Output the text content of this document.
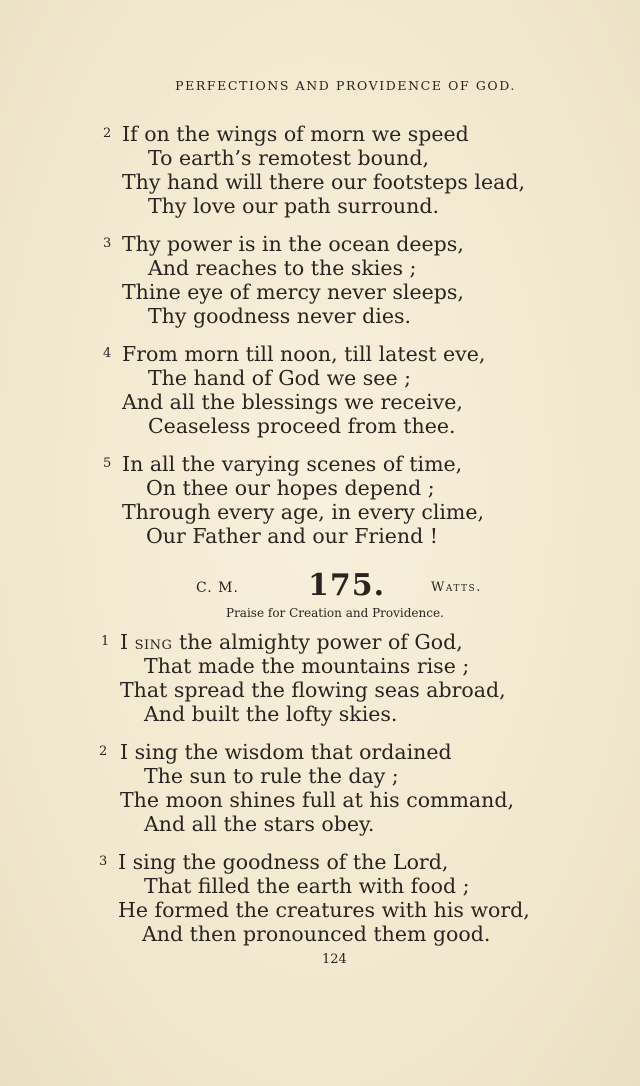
PERFECTIONS AND PROVIDENCE OF GOD.
2 If on the wings of morn we speed
To earth’s remotest bound,
Thy hand will there our footsteps lead,
Thy love our path surround.
3 Thy power is in the ocean deeps,
And reaches to the skies ;
Thine eye of mercy never sleeps,
Thy goodness never dies.
4 From morn till noon, till latest eve,
The hand of God we see ;
And all the blessings we receive,
Ceaseless proceed from thee.
5 In all the varying scenes of time,
On thee our hopes depend ;
Through every age, in every clime,
Our Father and our Friend !
C. M. 175.	Watts.
Praise for Creation and Providence.
1 I sing the almighty power of God,
That made the mountains rise ;
That spread the flowing seas abroad,
And built the lofty skies.
2 I sing the wisdom that ordained
The sun to rule the day ;
The moon shines full at his command,
And all the stars obey.
3 I sing the goodness of the Lord,
That filled the earth with food ;
He formed the creatures with his word,
And then pronounced them good.
124
